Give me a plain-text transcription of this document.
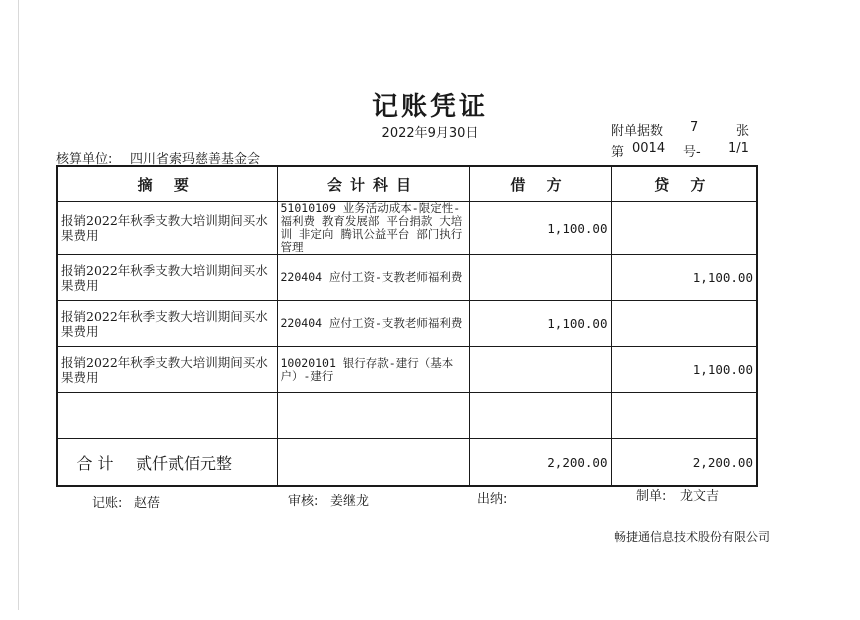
记账凭证
2022年9月30日	附单据数 7	张
第 0014 号- 1/1
核算单位: 四川省索玛慈善基金会
摘 要	会计科目	借 方	贷 方
报销2022年秋季支教大培训期间买水果费用	51010109 业务活动成本-限定性-福利费 教育发展部 平台捐款 大培训 非定向 腾讯公益平台 部门执行管理	1,100.00	
报销2022年秋季支教大培训期间买水果费用	220404 应付工资-支教老师福利费		1,100.00
报销2022年秋季支教大培训期间买水果费用	220404 应付工资-支教老师福利费	1,100.00	
报销2022年秋季支教大培训期间买水果费用	10020101 银行存款-建行（基本户）-建行		1,100.00

合 计 贰仟贰佰元整		2,200.00	2,200.00
记账: 赵蓓	审核: 姜继龙	出纳:	制单: 龙文吉
畅捷通信息技术股份有限公司
